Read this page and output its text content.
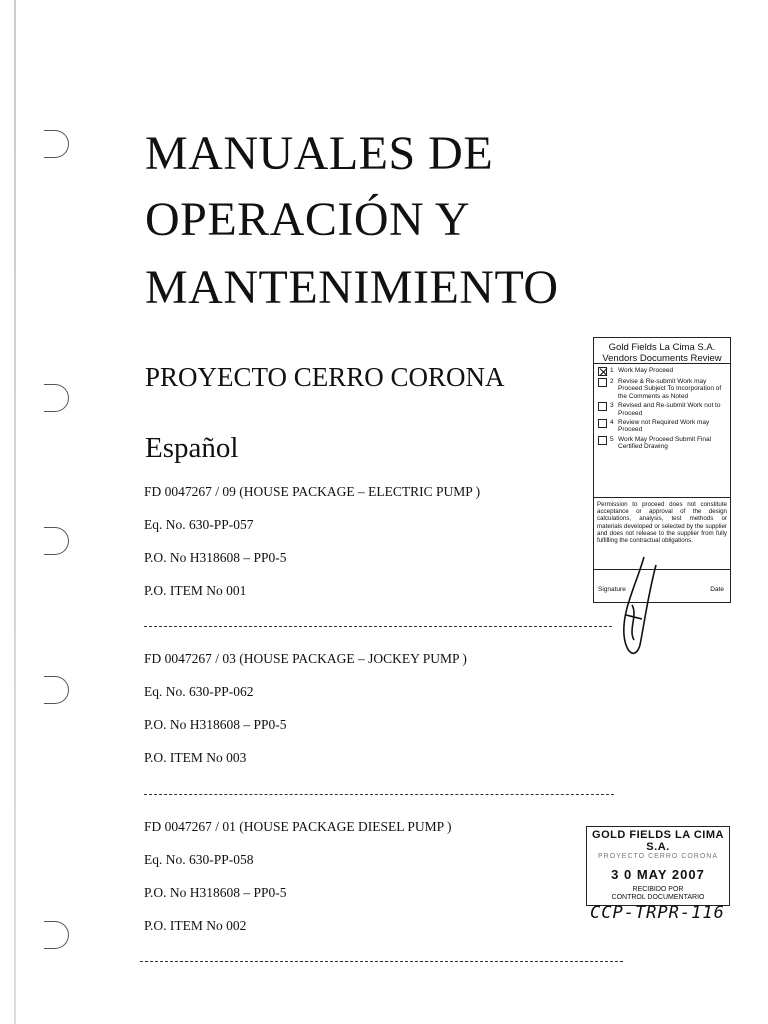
MANUALES DE
OPERACIÓN Y
MANTENIMIENTO
PROYECTO CERRO CORONA
Español
FD 0047267 / 09 (HOUSE PACKAGE – ELECTRIC PUMP )
Eq. No. 630-PP-057
P.O. No H318608 – PP0-5
P.O. ITEM No 001
FD 0047267 / 03 (HOUSE PACKAGE – JOCKEY PUMP )
Eq. No. 630-PP-062
P.O. No H318608 – PP0-5
P.O. ITEM No 003
FD 0047267 / 01 (HOUSE PACKAGE DIESEL PUMP )
Eq. No. 630-PP-058
P.O. No H318608 – PP0-5
P.O. ITEM No 002
Gold Fields La Cima S.A.
Vendors Documents Review
1 Work May Proceed
2 Revise & Re-submit Work may Proceed Subject To Incorporation of the Comments as Noted
3 Revised and Re-submit Work not to Proceed
4 Review not Required Work may Proceed
5 Work May Proceed Submit Final Certified Drawing
Permission to proceed does not constitute acceptance or approval of the design calculations, analysis, test methods or materials developed or selected by the supplier and does not release to the supplier from fully fulfilling the contractual obligations.
Signature	Date
GOLD FIELDS LA CIMA S.A.
PROYECTO CERRO CORONA
3 0 MAY 2007
RECIBIDO POR
CONTROL DOCUMENTARIO
CCP-TRPR-116
